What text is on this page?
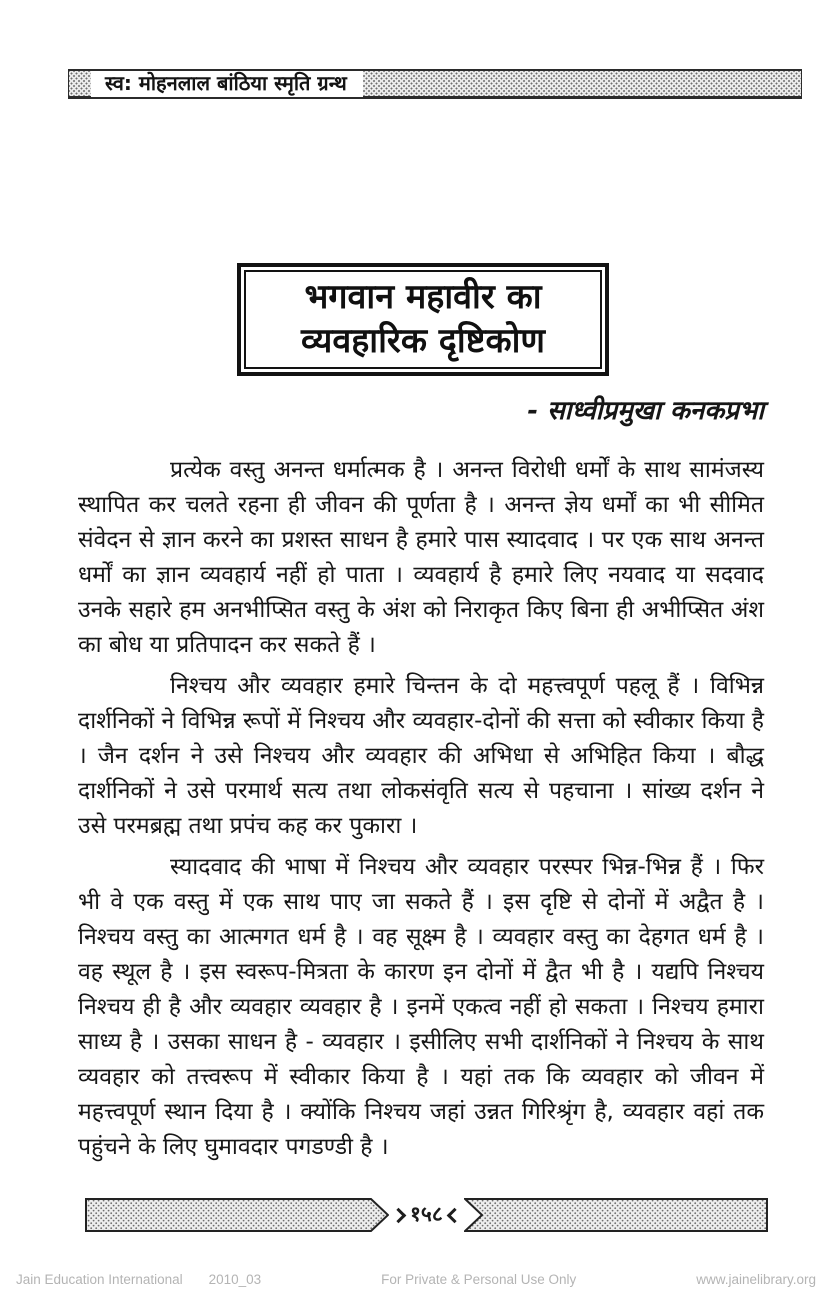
स्व: मोहनलाल बांठिया स्मृति ग्रन्थ
भगवान महावीर का
व्यवहारिक दृष्टिकोण
- साध्वीप्रमुखा कनकप्रभा

प्रत्येक वस्तु अनन्त धर्मात्मक है । अनन्त विरोधी धर्मों के साथ सामंजस्य स्थापित कर चलते रहना ही जीवन की पूर्णता है । अनन्त ज्ञेय धर्मों का भी सीमित संवेदन से ज्ञान करने का प्रशस्त साधन है हमारे पास स्यादवाद । पर एक साथ अनन्त धर्मों का ज्ञान व्यवहार्य नहीं हो पाता । व्यवहार्य है हमारे लिए नयवाद या सदवाद उनके सहारे हम अनभीप्सित वस्तु के अंश को निराकृत किए बिना ही अभीप्सित अंश का बोध या प्रतिपादन कर सकते हैं ।

निश्चय और व्यवहार हमारे चिन्तन के दो महत्त्वपूर्ण पहलू हैं । विभिन्न दार्शनिकों ने विभिन्न रूपों में निश्चय और व्यवहार-दोनों की सत्ता को स्वीकार किया है । जैन दर्शन ने उसे निश्चय और व्यवहार की अभिधा से अभिहित किया । बौद्ध दार्शनिकों ने उसे परमार्थ सत्य तथा लोकसंवृति सत्य से पहचाना । सांख्य दर्शन ने उसे परमब्रह्म तथा प्रपंच कह कर पुकारा ।

स्यादवाद की भाषा में निश्चय और व्यवहार परस्पर भिन्न-भिन्न हैं । फिर भी वे एक वस्तु में एक साथ पाए जा सकते हैं । इस दृष्टि से दोनों में अद्वैत है । निश्चय वस्तु का आत्मगत धर्म है । वह सूक्ष्म है । व्यवहार वस्तु का देहगत धर्म है । वह स्थूल है । इस स्वरूप-मित्रता के कारण इन दोनों में द्वैत भी है । यद्यपि निश्चय निश्चय ही है और व्यवहार व्यवहार है । इनमें एकत्व नहीं हो सकता । निश्चय हमारा साध्य है । उसका साधन है - व्यवहार । इसीलिए सभी दार्शनिकों ने निश्चय के साथ व्यवहार को तत्त्वरूप में स्वीकार किया है । यहां तक कि व्यवहार को जीवन में महत्त्वपूर्ण स्थान दिया है । क्योंकि निश्चय जहां उन्नत गिरिश्रृंग है, व्यवहार वहां तक पहुंचने के लिए घुमावदार पगडण्डी है ।

१५८
Jain Education International 2010_03	For Private & Personal Use Only	www.jainelibrary.org
